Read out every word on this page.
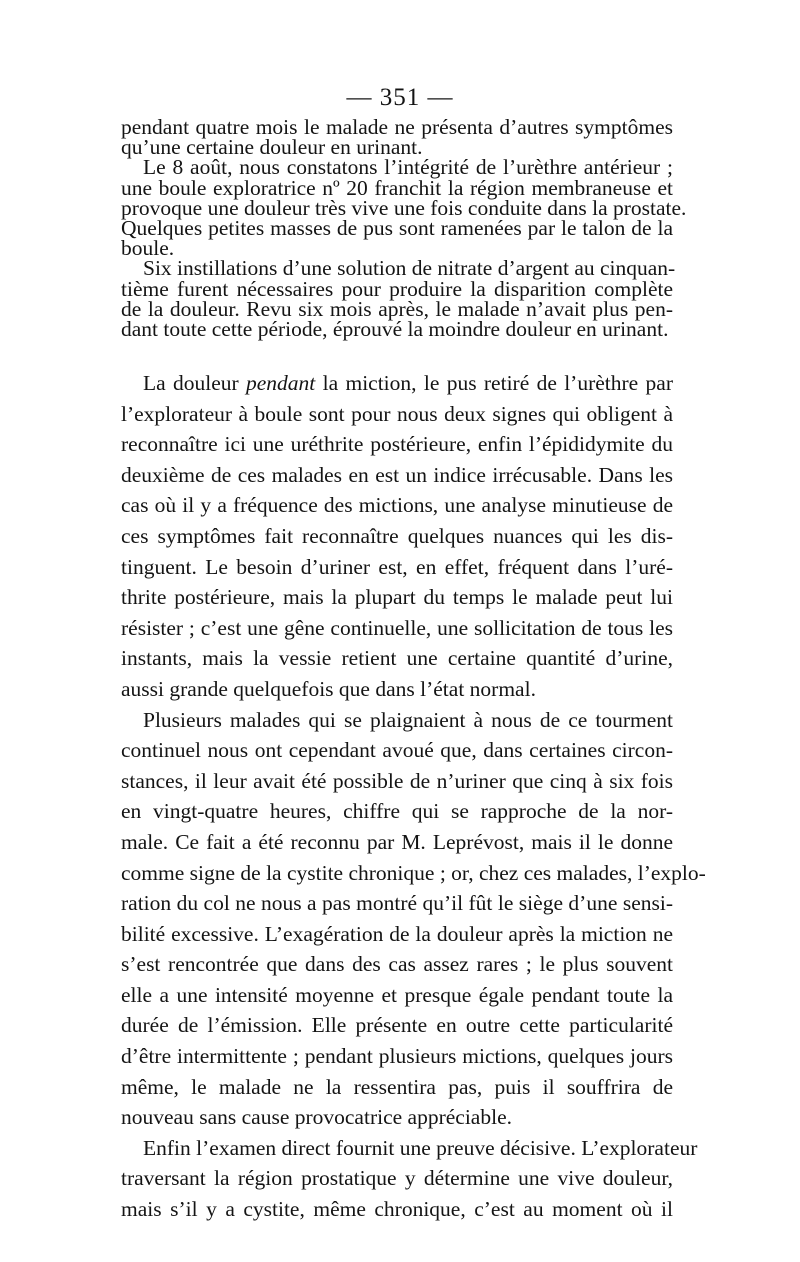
— 351 —

pendant quatre mois le malade ne présenta d’autres symptômes

qu’une certaine douleur en urinant.

Le 8 août, nous constatons l’intégrité de l’urèthre antérieur ;

une boule exploratrice nº 20 franchit la région membraneuse et

provoque une douleur très vive une fois conduite dans la prostate.

Quelques petites masses de pus sont ramenées par le talon de la

boule.

Six instillations d’une solution de nitrate d’argent au cinquan-

tième furent nécessaires pour produire la disparition complète

de la douleur. Revu six mois après, le malade n’avait plus pen-

dant toute cette période, éprouvé la moindre douleur en urinant.

La douleur pendant la miction, le pus retiré de l’urèthre par

l’explorateur à boule sont pour nous deux signes qui obligent à

reconnaître ici une uréthrite postérieure, enfin l’épididymite du

deuxième de ces malades en est un indice irrécusable. Dans les

cas où il y a fréquence des mictions, une analyse minutieuse de

ces symptômes fait reconnaître quelques nuances qui les dis-

tinguent. Le besoin d’uriner est, en effet, fréquent dans l’uré-

thrite postérieure, mais la plupart du temps le malade peut lui

résister ; c’est une gêne continuelle, une sollicitation de tous les

instants, mais la vessie retient une certaine quantité d’urine,

aussi grande quelquefois que dans l’état normal.

Plusieurs malades qui se plaignaient à nous de ce tourment

continuel nous ont cependant avoué que, dans certaines circon-

stances, il leur avait été possible de n’uriner que cinq à six fois

en vingt-quatre heures, chiffre qui se rapproche de la nor-

male. Ce fait a été reconnu par M. Leprévost, mais il le donne

comme signe de la cystite chronique ; or, chez ces malades, l’explo-

ration du col ne nous a pas montré qu’il fût le siège d’une sensi-

bilité excessive. L’exagération de la douleur après la miction ne

s’est rencontrée que dans des cas assez rares ; le plus souvent

elle a une intensité moyenne et presque égale pendant toute la

durée de l’émission. Elle présente en outre cette particularité

d’être intermittente ; pendant plusieurs mictions, quelques jours

même, le malade ne la ressentira pas, puis il souffrira de

nouveau sans cause provocatrice appréciable.

Enfin l’examen direct fournit une preuve décisive. L’explorateur

traversant la région prostatique y détermine une vive douleur,

mais s’il y a cystite, même chronique, c’est au moment où il
